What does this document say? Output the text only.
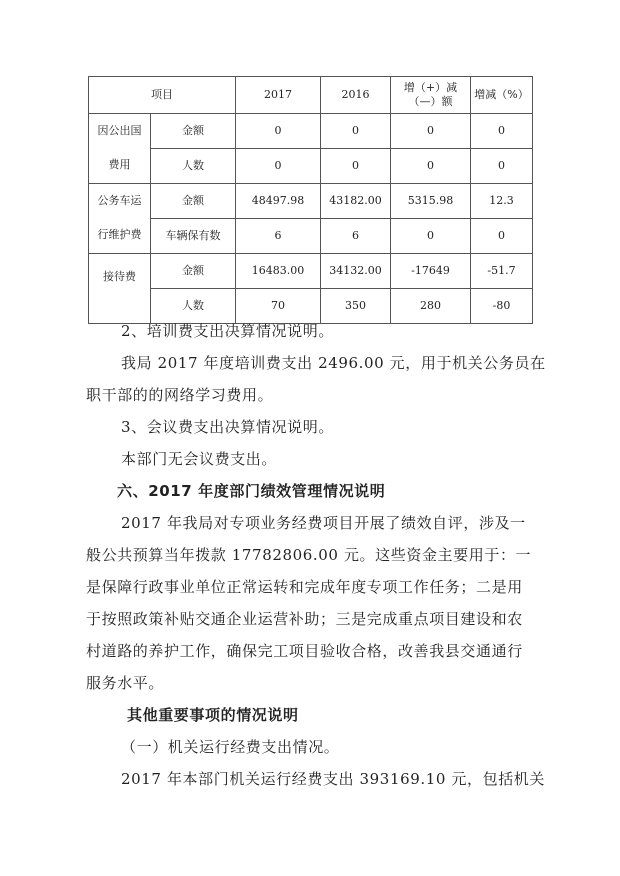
项目		2017	2016	增（+）减（—）额	增减（%）

因公出国
费用	金额	0	0	0	0
	人数	0	0	0	0

公务车运
行维护费	金额	48497.98	43182.00	5315.98	12.3
	车辆保有数	6	6	0	0

接待费	金额	16483.00	34132.00	-17649	-51.7
	人数	70	350	280	-80
2、培训费支出决算情况说明。
我局 2017 年度培训费支出 2496.00 元，用于机关公务员在
职干部的的网络学习费用。
3、会议费支出决算情况说明。
本部门无会议费支出。
六、2017 年度部门绩效管理情况说明
2017 年我局对专项业务经费项目开展了绩效自评，涉及一
般公共预算当年拨款 17782806.00 元。这些资金主要用于：一
是保障行政事业单位正常运转和完成年度专项工作任务；二是用
于按照政策补贴交通企业运营补助；三是完成重点项目建设和农
村道路的养护工作，确保完工项目验收合格，改善我县交通通行
服务水平。
其他重要事项的情况说明
（一）机关运行经费支出情况。
2017 年本部门机关运行经费支出 393169.10 元，包括机关
